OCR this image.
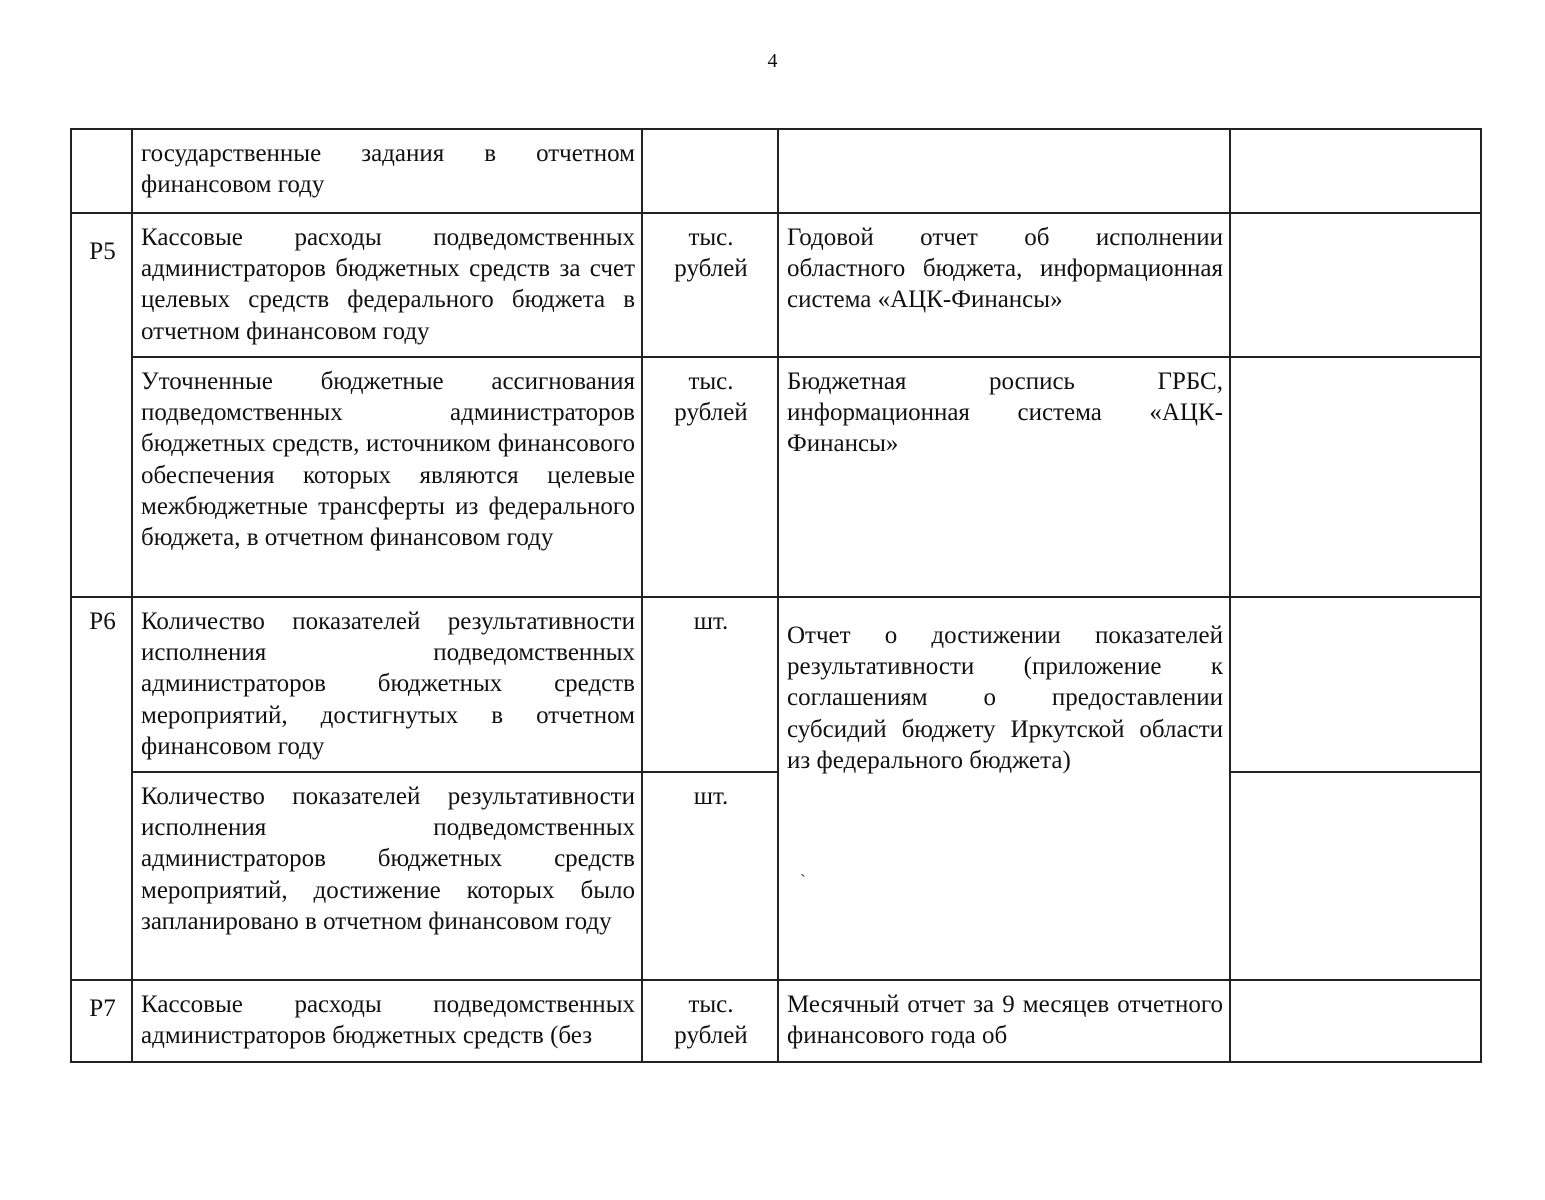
4
	государственные задания в отчетном финансовом году			
Р5	Кассовые расходы подведомственных администраторов бюджетных средств за счет целевых средств федерального бюджета в отчетном финансовом году	тыс. рублей	Годовой отчет об исполнении областного бюджета, информационная система «АЦК-Финансы»	
	Уточненные бюджетные ассигнования подведомственных администраторов бюджетных средств, источником финансового обеспечения которых являются целевые межбюджетные трансферты из федерального бюджета, в отчетном финансовом году	тыс. рублей	Бюджетная роспись ГРБС, информационная система «АЦК-Финансы»	
Р6	Количество показателей результативности исполнения подведомственных администраторов бюджетных средств мероприятий, достигнутых в отчетном финансовом году	шт.	Отчет о достижении показателей результативности (приложение к соглашениям о предоставлении субсидий бюджету Иркутской области из федерального бюджета)	
	Количество показателей результативности исполнения подведомственных администраторов бюджетных средств мероприятий, достижение которых было запланировано в отчетном финансовом году	шт.		
Р7	Кассовые расходы подведомственных администраторов бюджетных средств (без	тыс. рублей	Месячный отчет за 9 месяцев отчетного финансового года об	
ˏ
